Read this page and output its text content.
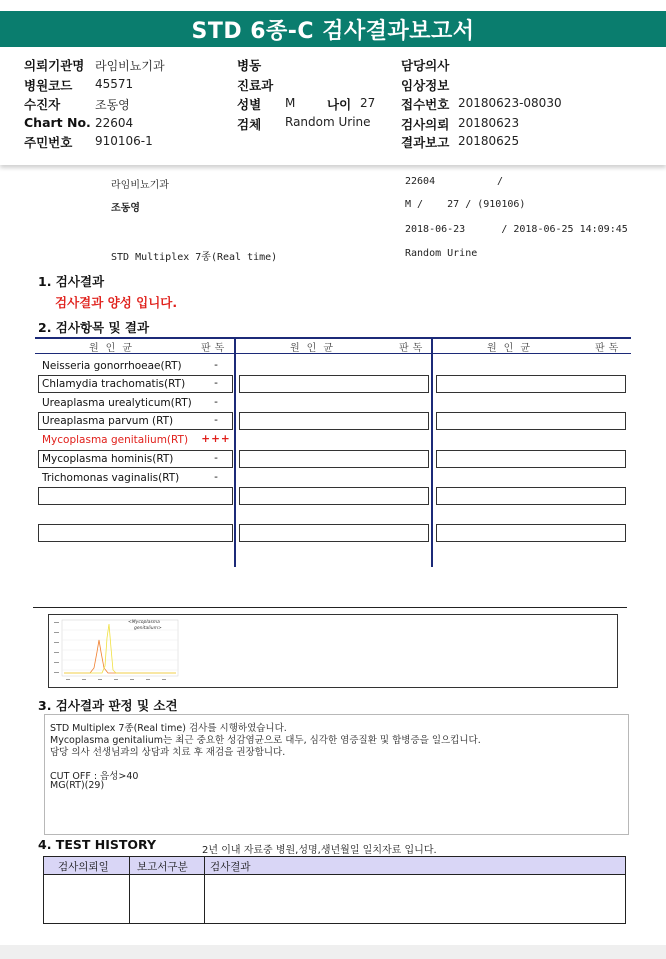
STD 6종-C 검사결과보고서
의뢰기관명 라임비뇨기과
병원코드 45571
수진자	조동영
Chart No. 22604
주민번호 910106-1
병동
진료과
성별 M	나이 27
검체 Random Urine
담당의사
임상정보
접수번호 20180623-08030
검사의뢰 20180623
결과보고 20180625
라임비뇨기과	22604	/
조동영	M /    27 / (910106)
2018-06-23      / 2018-06-25 14:09:45
STD Multiplex 7종(Real time)	Random Urine
1. 검사결과
검사결과 양성 입니다.
2. 검사항목 및 결과
원인균	판독	원인균	판독	원인균	판독
Neisseria gonorrhoeae(RT)	-
Chlamydia trachomatis(RT)	-
Ureaplasma urealyticum(RT)	-
Ureaplasma parvum (RT)	-
Mycoplasma genitalium(RT) +++
Mycoplasma hominis(RT)	-
Trichomonas vaginalis(RT)	-
<Mycoplasma
genitalium>
3. 검사결과 판정 및 소견
STD Multiplex 7종(Real time) 검사를 시행하였습니다.
Mycoplasma genitalium는 최근 중요한 성감염균으로 대두, 심각한 염증질환 및 합병증을 일으킵니다.
담당 의사 선생님과의 상담과 치료 후 재검을 권장합니다.
CUT OFF : 음성>40
MG(RT)(29)
4. TEST HISTORY	2년 이내 자료중 병원,성명,생년월일 일치자료 입니다.
검사의뢰일	보고서구분 검사결과
